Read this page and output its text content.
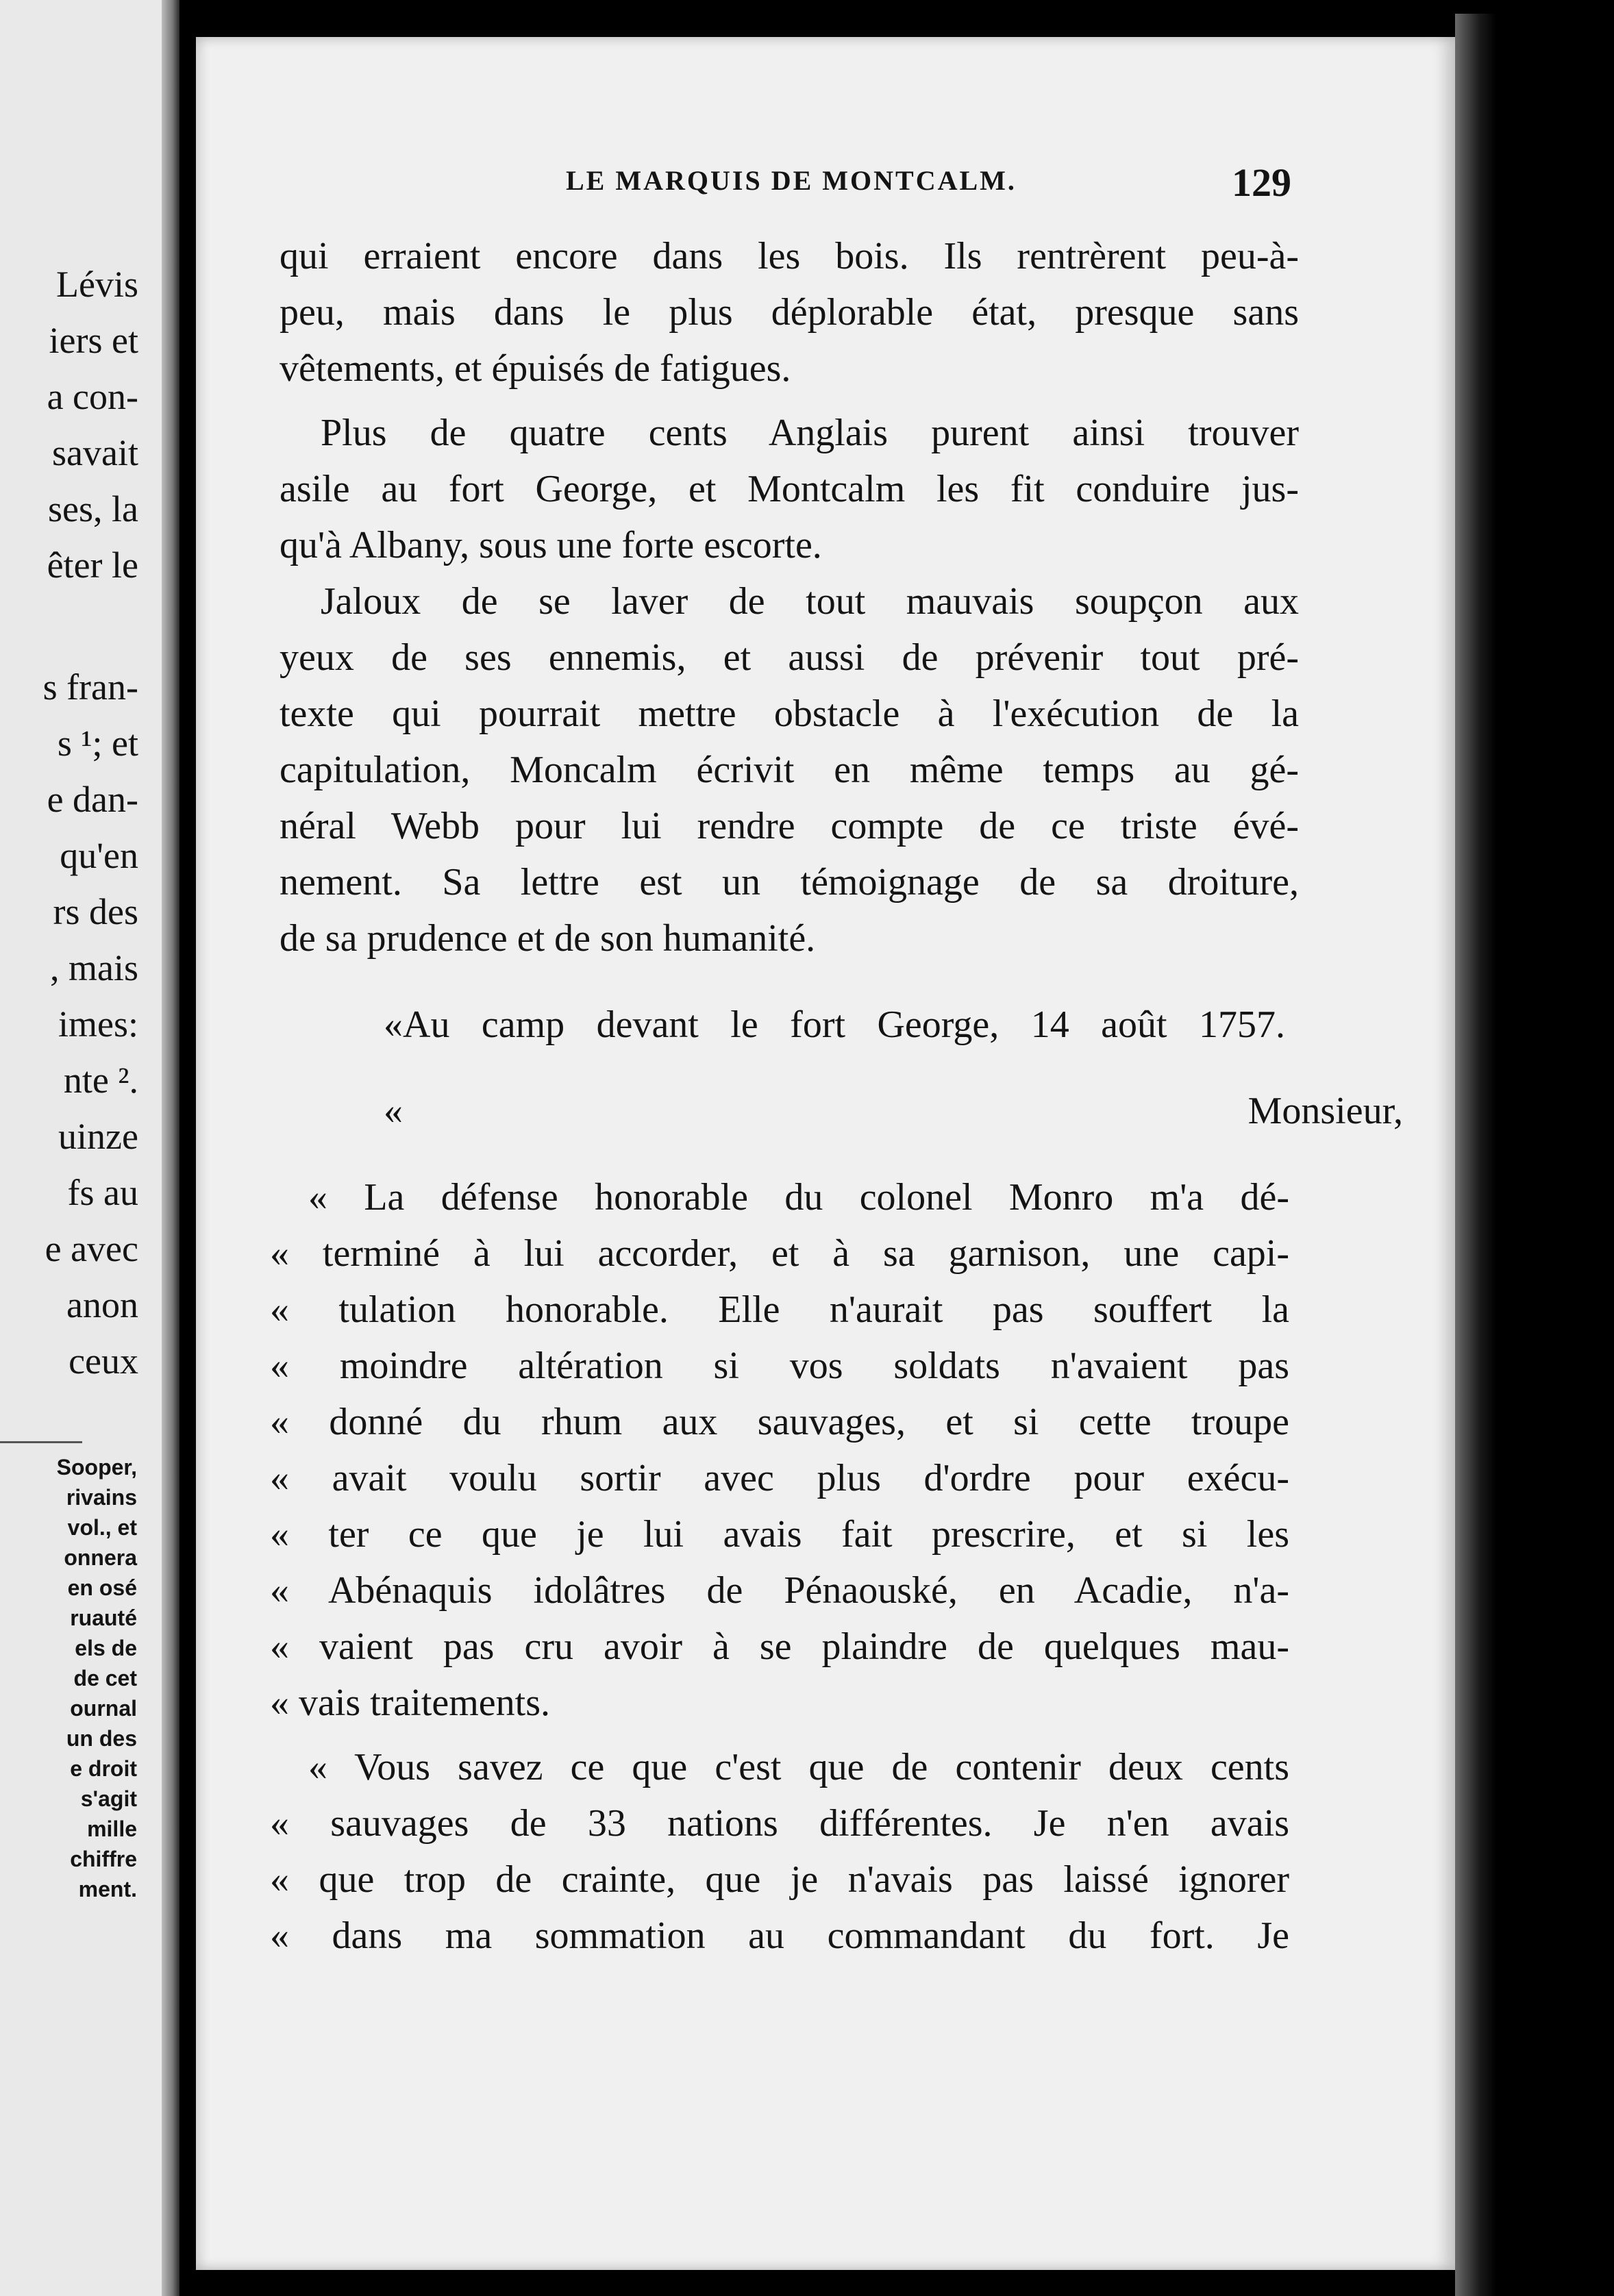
Lévis
iers et
a con-
savait
ses, la
êter le
s fran-
s ¹; et
e dan-
qu'en
rs des
, mais
imes:
nte ².
uinze
fs au
e avec
anon
ceux
Sooper,
rivains
vol., et
onnera
en osé
ruauté
els de
de cet
ournal
un des
e droit
s'agit
mille
chiffre
ment.
LE MARQUIS DE MONTCALM.	129
qui erraient encore dans les bois. Ils rentrèrent peu-à-
peu, mais dans le plus déplorable état, presque sans
vêtements, et épuisés de fatigues.
Plus de quatre cents Anglais purent ainsi trouver
asile au fort George, et Montcalm les fit conduire jus-
qu'à Albany, sous une forte escorte.
Jaloux de se laver de tout mauvais soupçon aux
yeux de ses ennemis, et aussi de prévenir tout pré-
texte qui pourrait mettre obstacle à l'exécution de la
capitulation, Moncalm écrivit en même temps au gé-
néral Webb pour lui rendre compte de ce triste évé-
nement. Sa lettre est un témoignage de sa droiture,
de sa prudence et de son humanité.
«Au camp devant le fort George, 14 août 1757.
« Monsieur,
« La défense honorable du colonel Monro m'a dé-
« terminé à lui accorder, et à sa garnison, une capi-
« tulation honorable. Elle n'aurait pas souffert la
« moindre altération si vos soldats n'avaient pas
« donné du rhum aux sauvages, et si cette troupe
« avait voulu sortir avec plus d'ordre pour exécu-
« ter ce que je lui avais fait prescrire, et si les
« Abénaquis idolâtres de Pénaouské, en Acadie, n'a-
« vaient pas cru avoir à se plaindre de quelques mau-
« vais traitements.
« Vous savez ce que c'est que de contenir deux cents
« sauvages de 33 nations différentes. Je n'en avais
« que trop de crainte, que je n'avais pas laissé ignorer
« dans ma sommation au commandant du fort. Je
